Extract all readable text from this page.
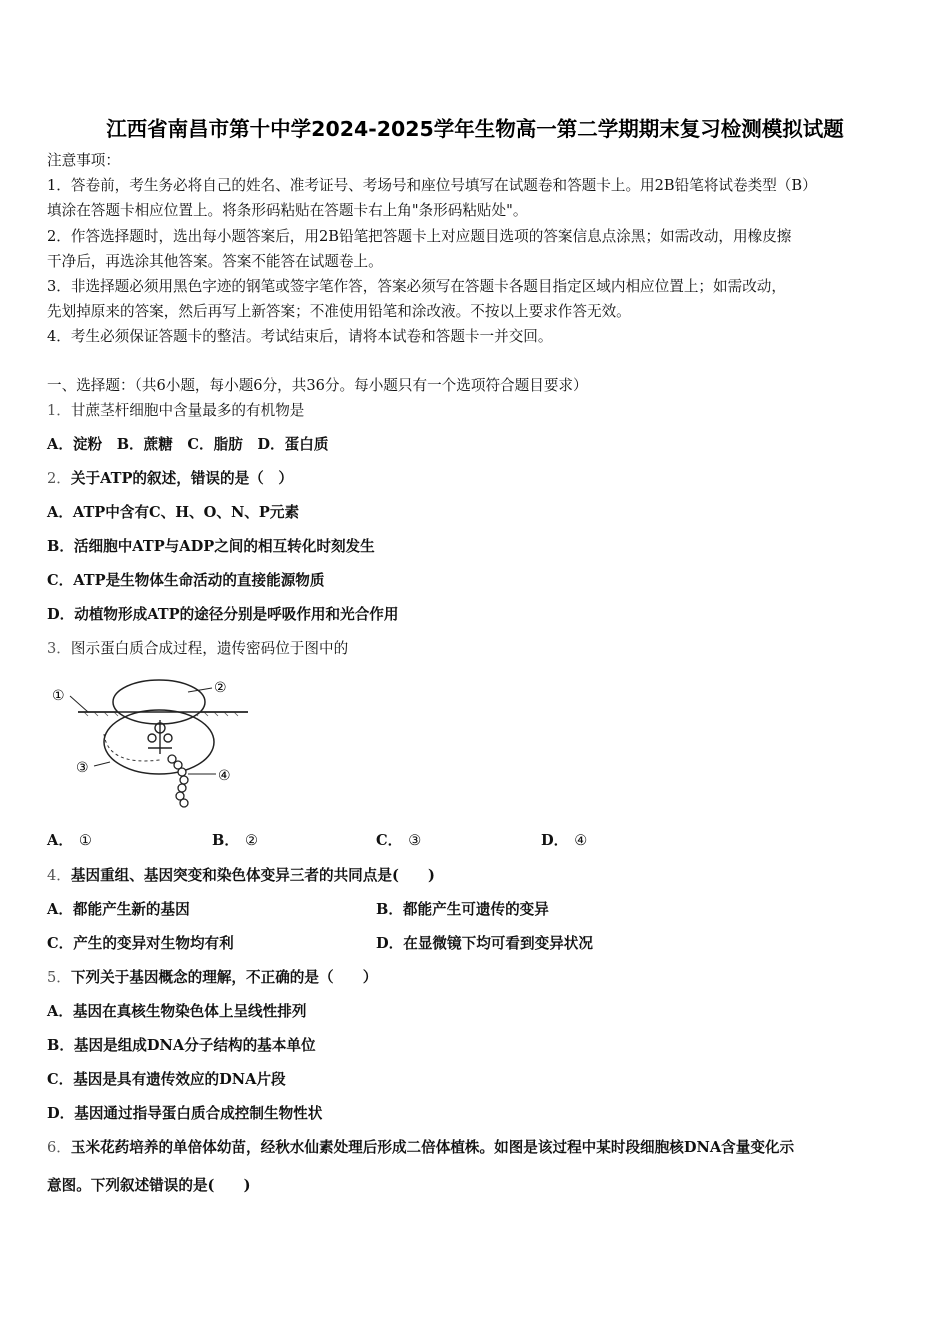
江西省南昌市第十中学2024-2025学年生物高一第二学期期末复习检测模拟试题
注意事项：
1．答卷前，考生务必将自己的姓名、准考证号、考场号和座位号填写在试题卷和答题卡上。用2B铅笔将试卷类型（B）
填涂在答题卡相应位置上。将条形码粘贴在答题卡右上角"条形码粘贴处"。
2．作答选择题时，选出每小题答案后，用2B铅笔把答题卡上对应题目选项的答案信息点涂黑；如需改动，用橡皮擦
干净后，再选涂其他答案。答案不能答在试题卷上。
3．非选择题必须用黑色字迹的钢笔或签字笔作答，答案必须写在答题卡各题目指定区域内相应位置上；如需改动，
先划掉原来的答案，然后再写上新答案；不准使用铅笔和涂改液。不按以上要求作答无效。
4．考生必须保证答题卡的整洁。考试结束后，请将本试卷和答题卡一并交回。
一、选择题：（共6小题，每小题6分，共36分。每小题只有一个选项符合题目要求）
1．甘蔗茎杆细胞中含量最多的有机物是
A．淀粉　B．蔗糖　C．脂肪　D．蛋白质
2．关于ATP的叙述，错误的是（　）
A．ATP中含有C、H、O、N、P元素
B．活细胞中ATP与ADP之间的相互转化时刻发生
C．ATP是生物体生命活动的直接能源物质
D．动植物形成ATP的途径分别是呼吸作用和光合作用
3．图示蛋白质合成过程，遗传密码位于图中的
①	②
③	④
A． ①	B． ②	C． ③	D． ④
4．基因重组、基因突变和染色体变异三者的共同点是(　　)
A．都能产生新的基因	B．都能产生可遗传的变异
C．产生的变异对生物均有利	D．在显微镜下均可看到变异状况
5．下列关于基因概念的理解，不正确的是（　　）
A．基因在真核生物染色体上呈线性排列
B．基因是组成DNA分子结构的基本单位
C．基因是具有遗传效应的DNA片段
D．基因通过指导蛋白质合成控制生物性状
6．玉米花药培养的单倍体幼苗，经秋水仙素处理后形成二倍体植株。如图是该过程中某时段细胞核DNA含量变化示
意图。下列叙述错误的是(　　)
